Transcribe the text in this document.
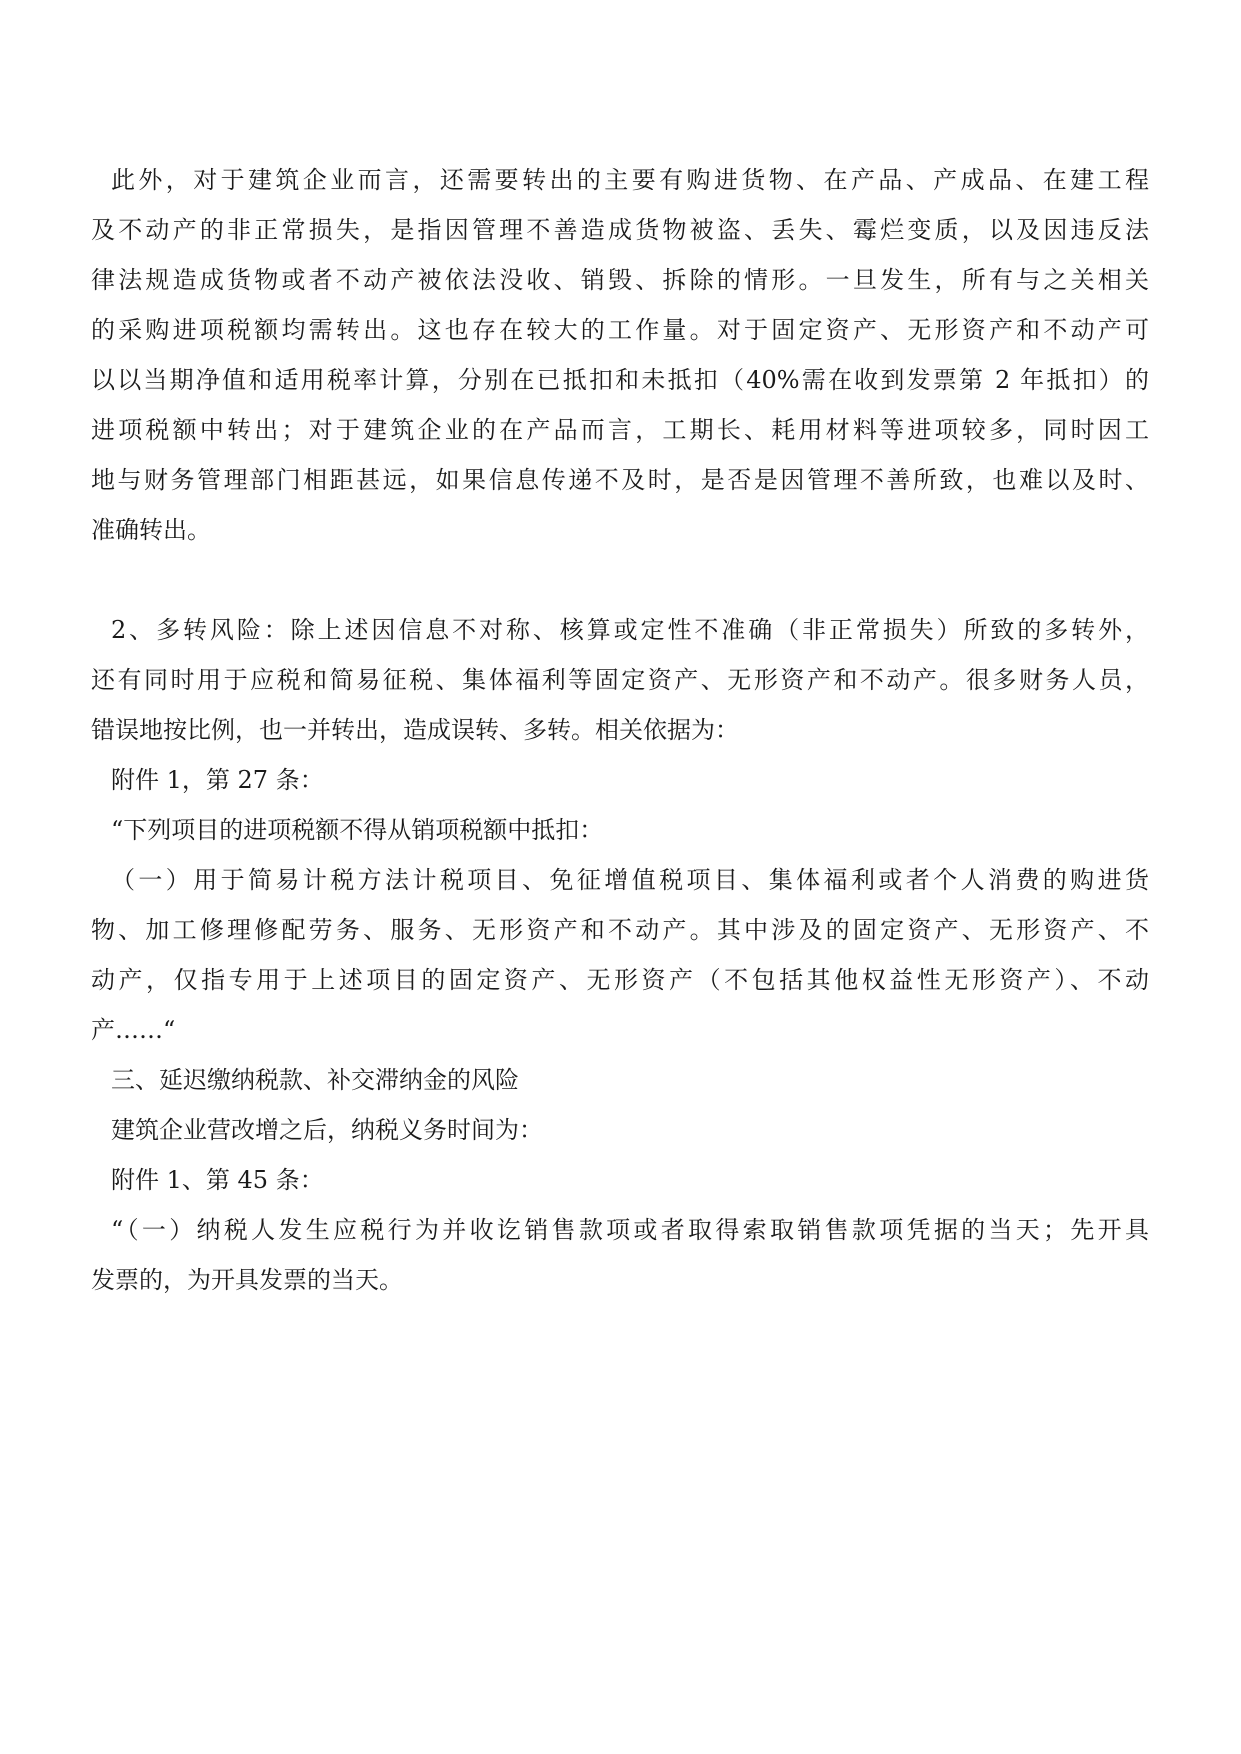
此外，对于建筑企业而言，还需要转出的主要有购进货物、在产品、产成品、在建工程
及不动产的非正常损失，是指因管理不善造成货物被盗、丢失、霉烂变质，以及因违反法
律法规造成货物或者不动产被依法没收、销毁、拆除的情形。一旦发生，所有与之关相关
的采购进项税额均需转出。这也存在较大的工作量。对于固定资产、无形资产和不动产可
以以当期净值和适用税率计算，分别在已抵扣和未抵扣（40%需在收到发票第 2 年抵扣）的
进项税额中转出；对于建筑企业的在产品而言，工期长、耗用材料等进项较多，同时因工
地与财务管理部门相距甚远，如果信息传递不及时，是否是因管理不善所致，也难以及时、
准确转出。
2、多转风险：除上述因信息不对称、核算或定性不准确（非正常损失）所致的多转外，
还有同时用于应税和简易征税、集体福利等固定资产、无形资产和不动产。很多财务人员，
错误地按比例，也一并转出，造成误转、多转。相关依据为：
附件 1，第 27 条：
“下列项目的进项税额不得从销项税额中抵扣：
（一）用于简易计税方法计税项目、免征增值税项目、集体福利或者个人消费的购进货
物、加工修理修配劳务、服务、无形资产和不动产。其中涉及的固定资产、无形资产、不
动产，仅指专用于上述项目的固定资产、无形资产（不包括其他权益性无形资产）、不动
产……“
三、延迟缴纳税款、补交滞纳金的风险
建筑企业营改增之后，纳税义务时间为：
附件 1、第 45 条：
“（一）纳税人发生应税行为并收讫销售款项或者取得索取销售款项凭据的当天；先开具
发票的，为开具发票的当天。
